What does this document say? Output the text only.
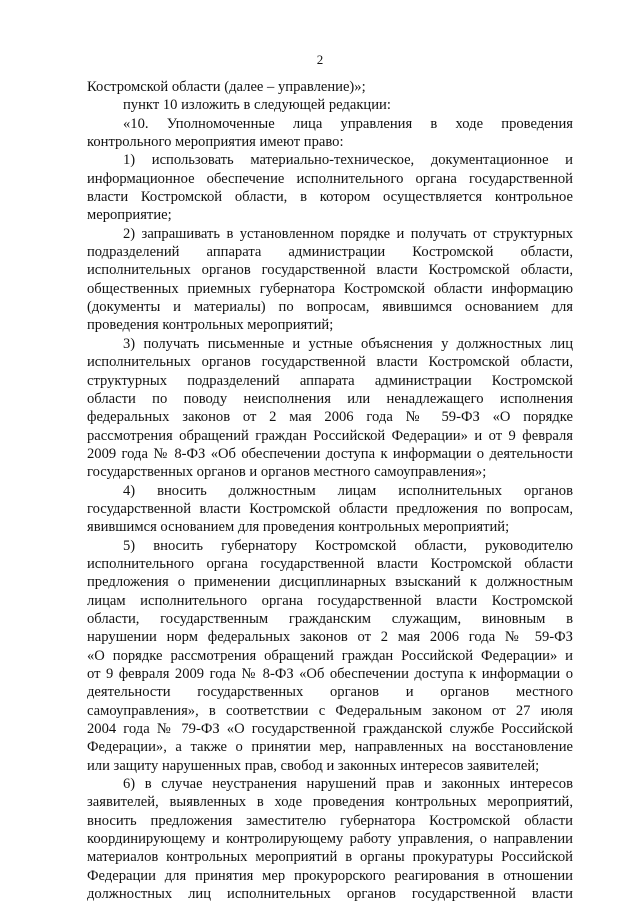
2
Костромской области (далее – управление)»;
пункт 10 изложить в следующей редакции:
«10. Уполномоченные лица управления в ходе проведения
контрольного мероприятия имеют право:
1) использовать материально-техническое, документационное и
информационное обеспечение исполнительного органа государственной
власти Костромской области, в котором осуществляется контрольное
мероприятие;
2) запрашивать в установленном порядке и получать от структурных
подразделений аппарата администрации Костромской области,
исполнительных органов государственной власти Костромской области,
общественных приемных губернатора Костромской области информацию
(документы и материалы) по вопросам, явившимся основанием для
проведения контрольных мероприятий;
3) получать письменные и устные объяснения у должностных лиц
исполнительных органов государственной власти Костромской области,
структурных подразделений аппарата администрации Костромской
области по поводу неисполнения или ненадлежащего исполнения
федеральных законов от 2 мая 2006 года № 59-ФЗ «О порядке
рассмотрения обращений граждан Российской Федерации» и от 9 февраля
2009 года № 8-ФЗ «Об обеспечении доступа к информации о деятельности
государственных органов и органов местного самоуправления»;
4) вносить должностным лицам исполнительных органов
государственной власти Костромской области предложения по вопросам,
явившимся основанием для проведения контрольных мероприятий;
5) вносить губернатору Костромской области, руководителю
исполнительного органа государственной власти Костромской области
предложения о применении дисциплинарных взысканий к должностным
лицам исполнительного органа государственной власти Костромской
области, государственным гражданским служащим, виновным в
нарушении норм федеральных законов от 2 мая 2006 года № 59-ФЗ
«О порядке рассмотрения обращений граждан Российской Федерации» и
от 9 февраля 2009 года № 8-ФЗ «Об обеспечении доступа к информации о
деятельности государственных органов и органов местного
самоуправления», в соответствии с Федеральным законом от 27 июля
2004 года № 79-ФЗ «О государственной гражданской службе Российской
Федерации», а также о принятии мер, направленных на восстановление
или защиту нарушенных прав, свобод и законных интересов заявителей;
6) в случае неустранения нарушений прав и законных интересов
заявителей, выявленных в ходе проведения контрольных мероприятий,
вносить предложения заместителю губернатора Костромской области
координирующему и контролирующему работу управления, о направлении
материалов контрольных мероприятий в органы прокуратуры Российской
Федерации для принятия мер прокурорского реагирования в отношении
должностных лиц исполнительных органов государственной власти
